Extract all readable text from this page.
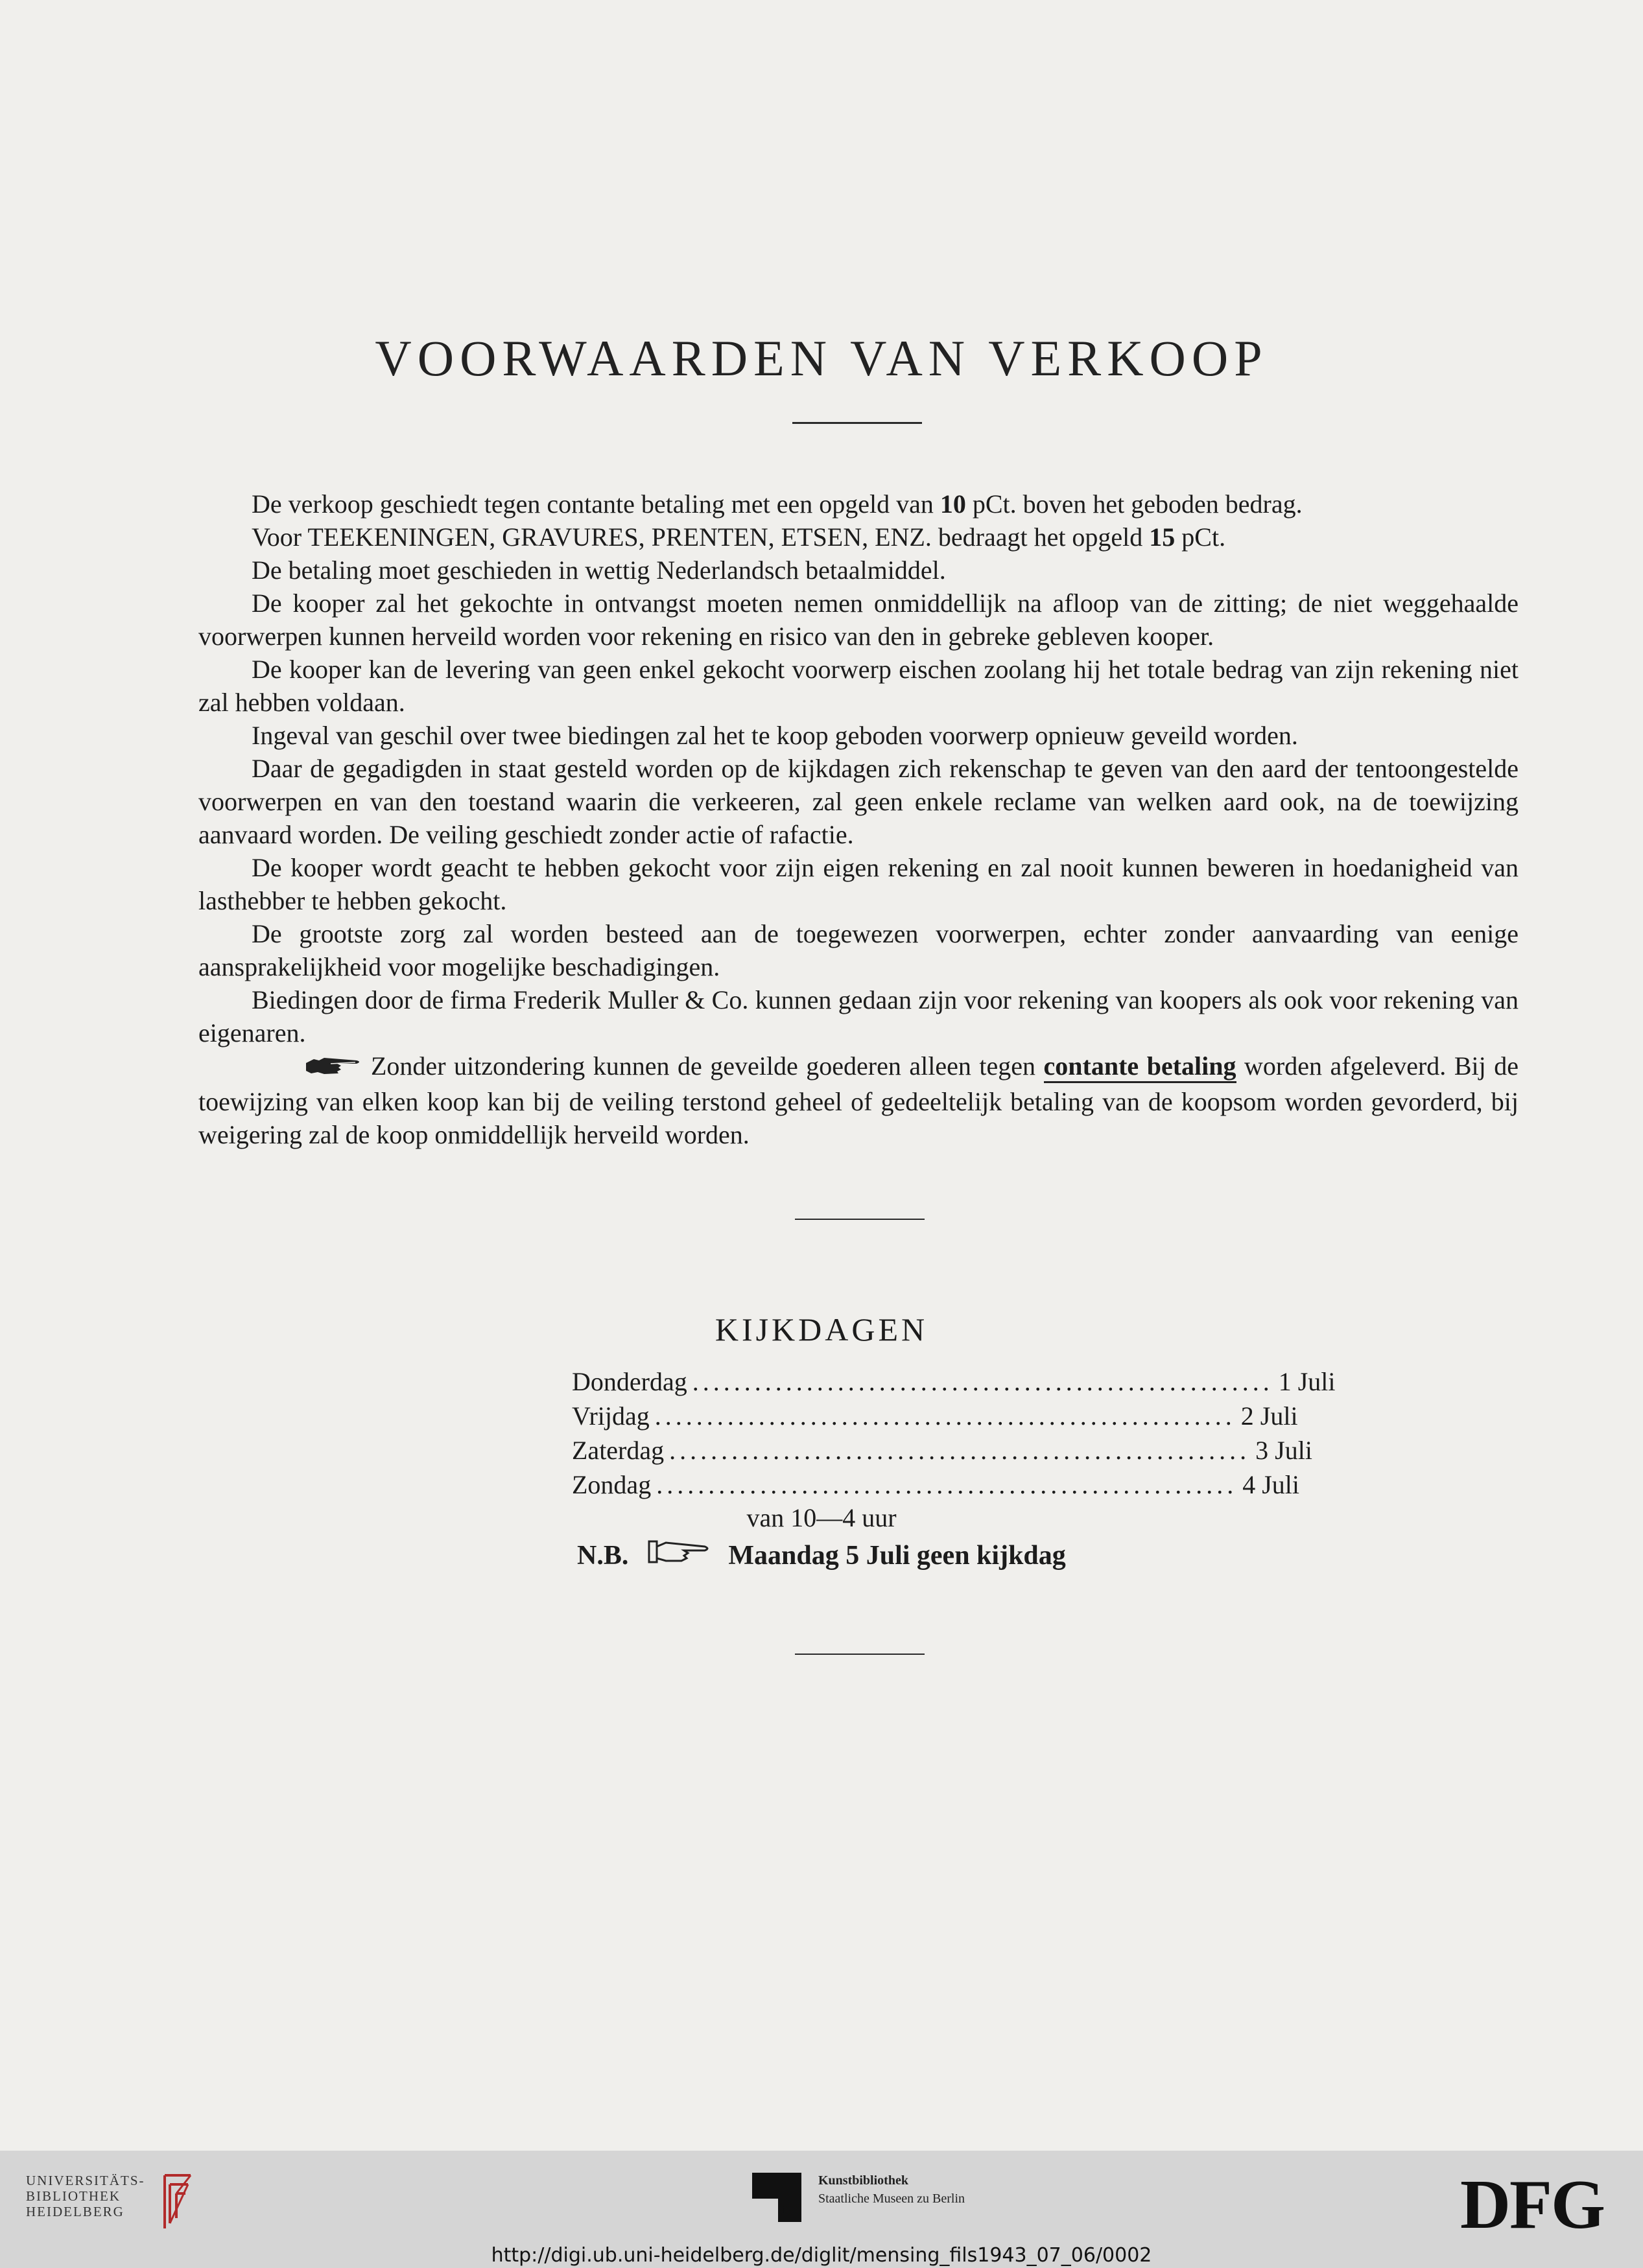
VOORWAARDEN VAN VERKOOP

De verkoop geschiedt tegen contante betaling met een opgeld van 10 pCt. boven het geboden bedrag.

Voor TEEKENINGEN, GRAVURES, PRENTEN, ETSEN, ENZ. bedraagt het opgeld 15 pCt.

De betaling moet geschieden in wettig Nederlandsch betaalmiddel.

De kooper zal het gekochte in ontvangst moeten nemen onmiddellijk na afloop van de zitting; de niet weggehaalde voorwerpen kunnen herveild worden voor rekening en risico van den in gebreke gebleven kooper.

De kooper kan de levering van geen enkel gekocht voorwerp eischen zoolang hij het totale bedrag van zijn rekening niet zal hebben voldaan.

Ingeval van geschil over twee biedingen zal het te koop geboden voorwerp opnieuw geveild worden.

Daar de gegadigden in staat gesteld worden op de kijkdagen zich rekenschap te geven van den aard der tentoongestelde voorwerpen en van den toestand waarin die verkeeren, zal geen enkele reclame van welken aard ook, na de toewijzing aanvaard worden. De veiling geschiedt zonder actie of rafactie.

De kooper wordt geacht te hebben gekocht voor zijn eigen rekening en zal nooit kunnen beweren in hoedanigheid van lasthebber te hebben gekocht.

De grootste zorg zal worden besteed aan de toegewezen voorwerpen, echter zonder aanvaarding van eenige aansprakelijkheid voor mogelijke beschadigingen.

Biedingen door de firma Frederik Muller & Co. kunnen gedaan zijn voor rekening van koopers als ook voor rekening van eigenaren.

Zonder uitzondering kunnen de geveilde goederen alleen tegen contante betaling worden afgeleverd. Bij de toewijzing van elken koop kan bij de veiling terstond geheel of gedeeltelijk betaling van de koopsom worden gevorderd, bij weigering zal de koop onmiddellijk herveild worden.

KIJKDAGEN
Donderdag ........................................................ 1 Juli
Vrijdag ........................................................ 2 Juli
Zaterdag ........................................................ 3 Juli
Zondag ........................................................ 4 Juli
van 10—4 uur
N.B.	Maandag 5 Juli geen kijkdag
UNIVERSITÄTS-
BIBLIOTHEK
HEIDELBERG
Kunstbibliothek
Staatliche Museen zu Berlin	DFG
http://digi.ub.uni-heidelberg.de/diglit/mensing_fils1943_07_06/0002
